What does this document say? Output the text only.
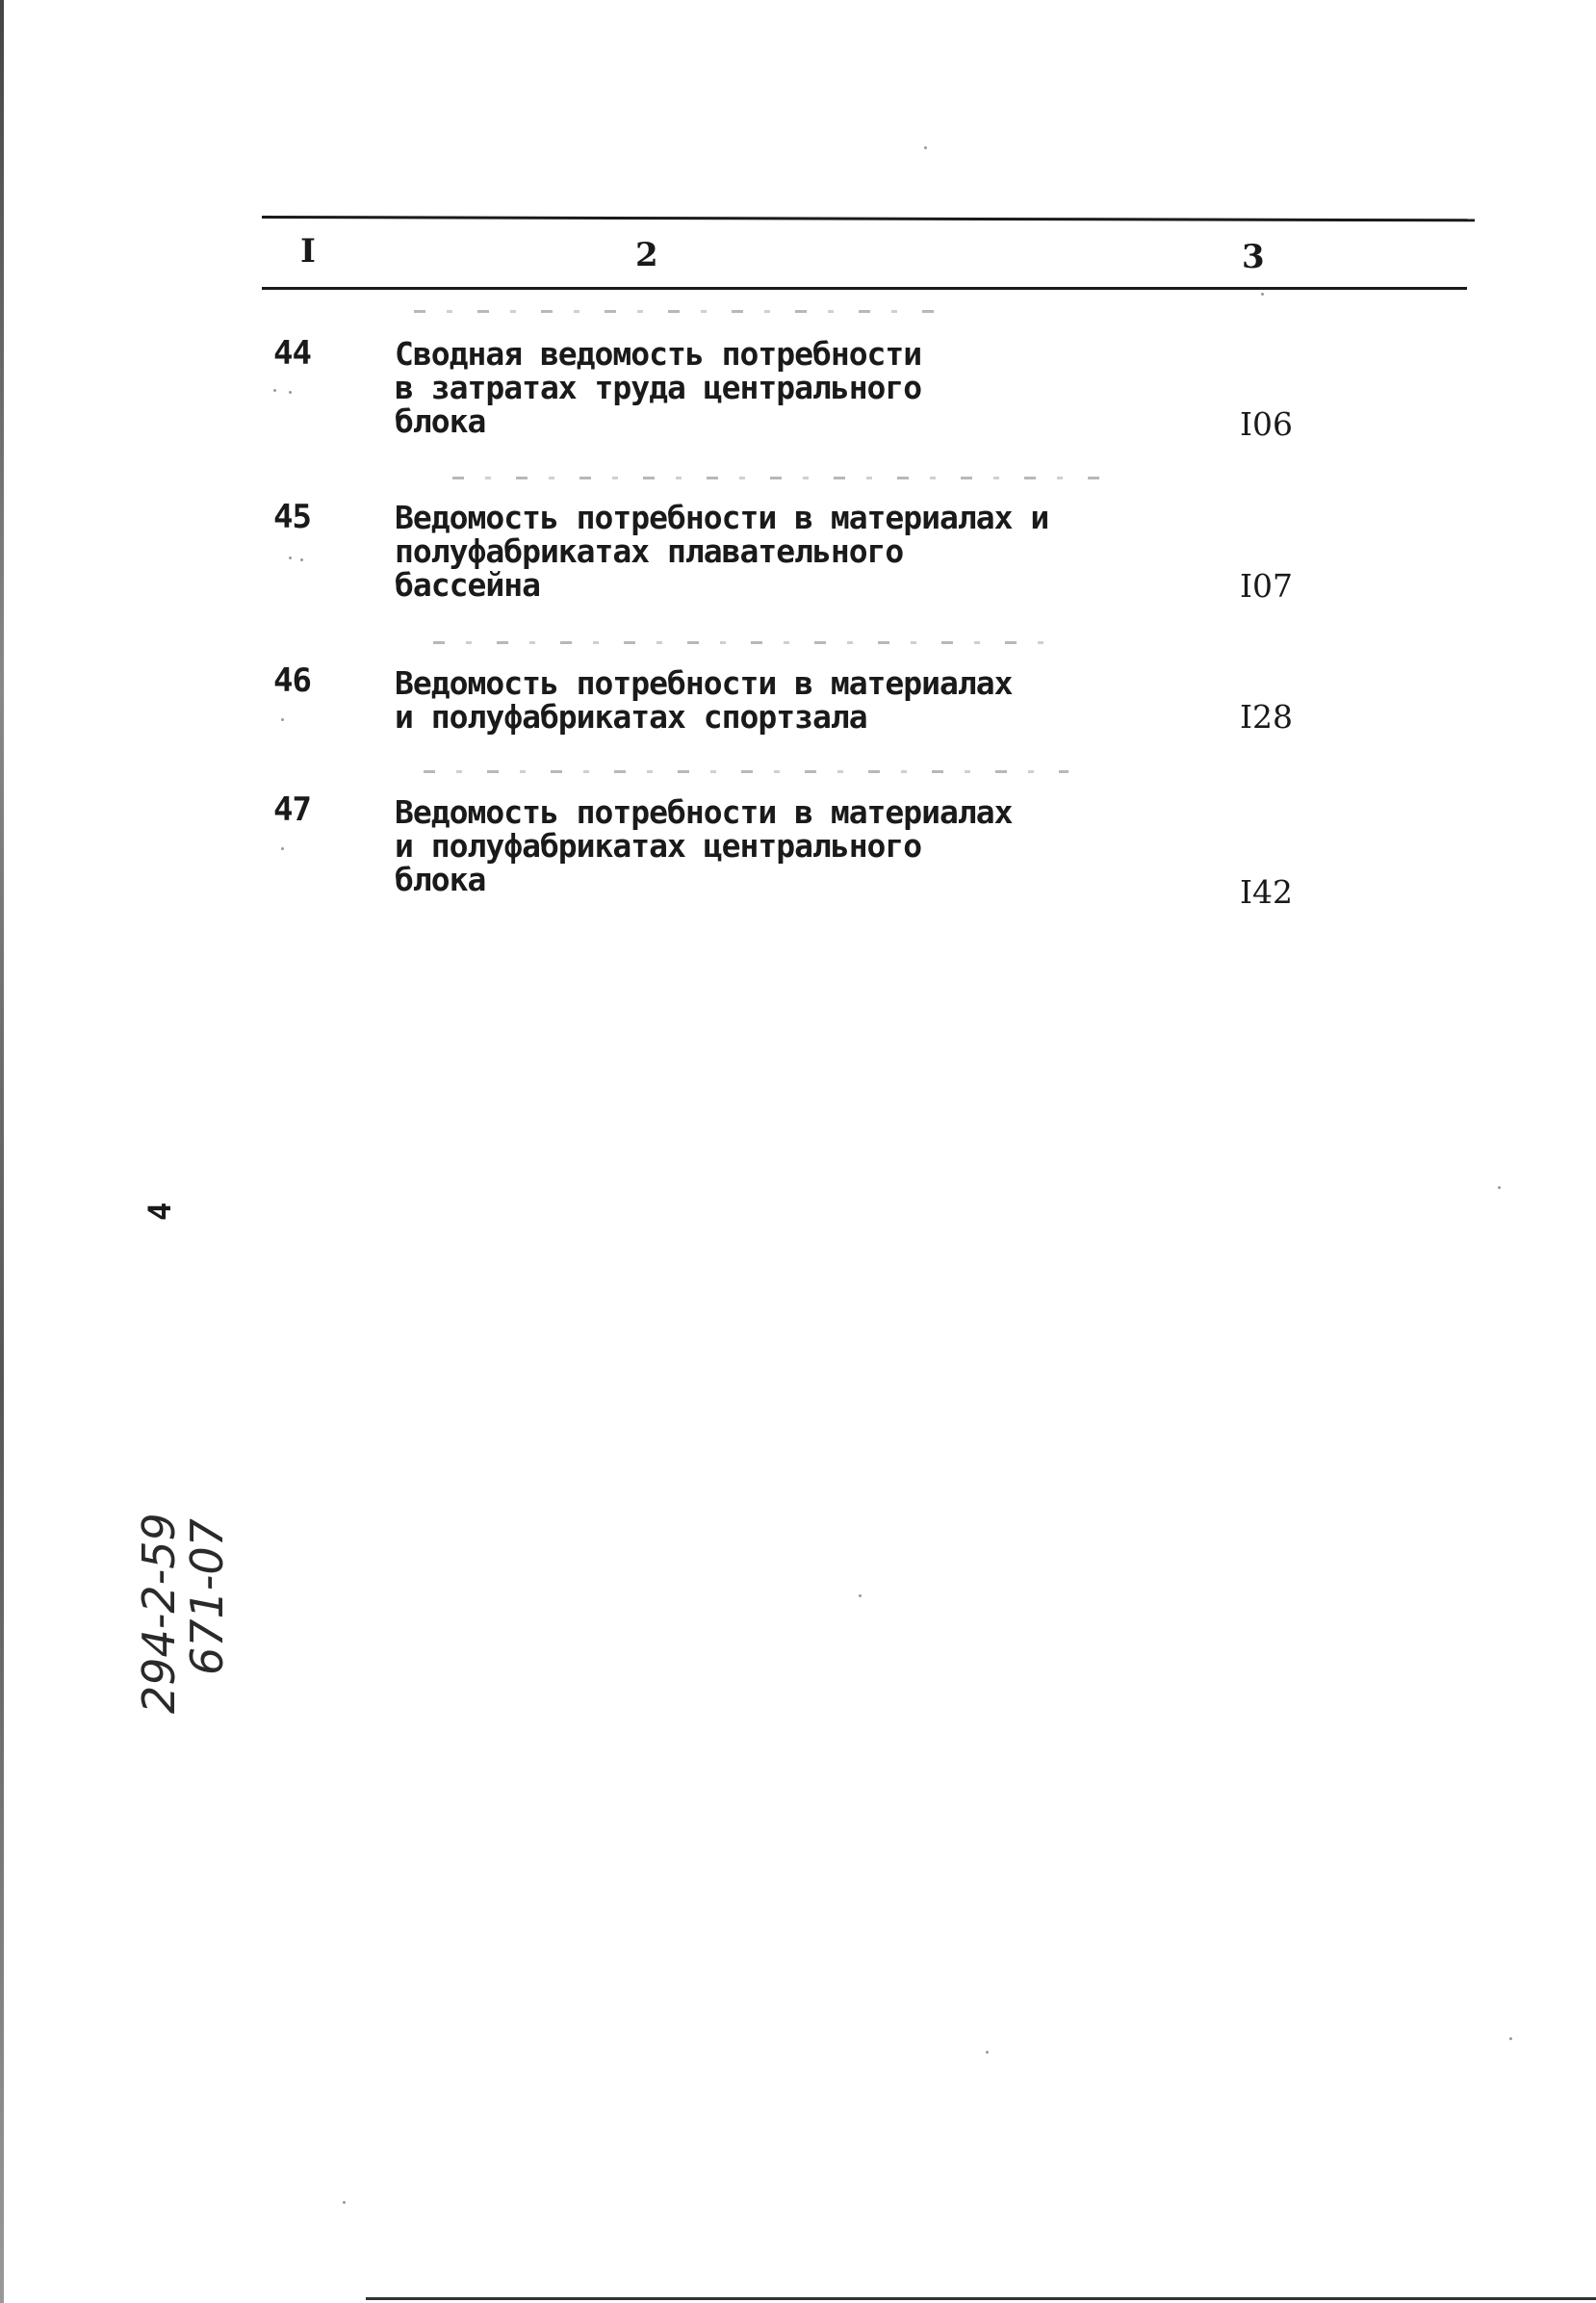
I	2	3
44	Сводная ведомость потребности
в затратах труда центрального
блока	I06
45	Ведомость потребности в материалах и
полуфабрикатах плавательного
бассейна	I07
46	Ведомость потребности в материалах
и полуфабрикатах спортзала	I28
47	Ведомость потребности в материалах
и полуфабрикатах центрального
блока	I42
4
294-2-59
671-07
